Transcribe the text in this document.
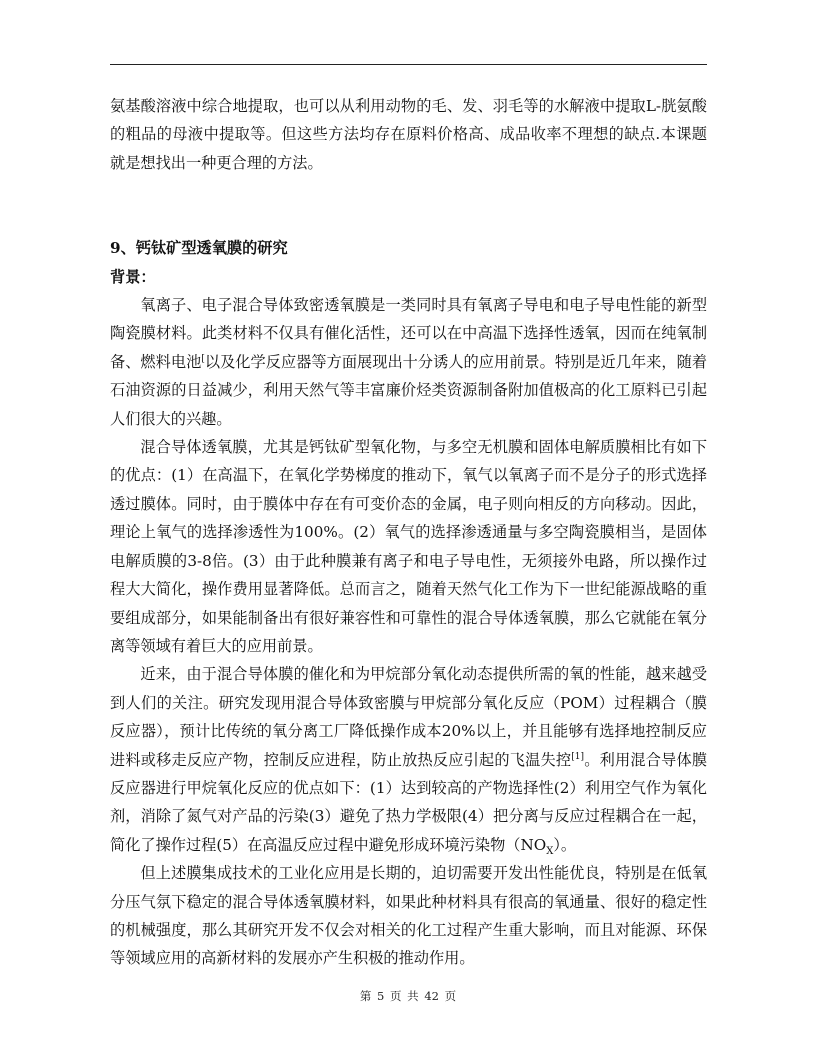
氨基酸溶液中综合地提取，也可以从利用动物的毛、发、羽毛等的水解液中提取L-胱氨酸的粗品的母液中提取等。但这些方法均存在原料价格高、成品收率不理想的缺点.本课题就是想找出一种更合理的方法。

9、钙钛矿型透氧膜的研究

背景：

氧离子、电子混合导体致密透氧膜是一类同时具有氧离子导电和电子导电性能的新型陶瓷膜材料。此类材料不仅具有催化活性，还可以在中高温下选择性透氧，因而在纯氧制备、燃料电池[以及化学反应器等方面展现出十分诱人的应用前景。特别是近几年来，随着石油资源的日益减少，利用天然气等丰富廉价烃类资源制备附加值极高的化工原料已引起人们很大的兴趣。

混合导体透氧膜，尤其是钙钛矿型氧化物，与多空无机膜和固体电解质膜相比有如下的优点：(1）在高温下，在氧化学势梯度的推动下，氧气以氧离子而不是分子的形式选择透过膜体。同时，由于膜体中存在有可变价态的金属，电子则向相反的方向移动。因此，理论上氧气的选择渗透性为100%。(2）氧气的选择渗透通量与多空陶瓷膜相当，是固体电解质膜的3-8倍。(3）由于此种膜兼有离子和电子导电性，无须接外电路，所以操作过程大大简化，操作费用显著降低。总而言之，随着天然气化工作为下一世纪能源战略的重要组成部分，如果能制备出有很好兼容性和可靠性的混合导体透氧膜，那么它就能在氧分离等领域有着巨大的应用前景。

近来，由于混合导体膜的催化和为甲烷部分氧化动态提供所需的氧的性能，越来越受到人们的关注。研究发现用混合导体致密膜与甲烷部分氧化反应（POM）过程耦合（膜反应器），预计比传统的氧分离工厂降低操作成本20%以上，并且能够有选择地控制反应进料或移走反应产物，控制反应进程，防止放热反应引起的飞温失控[1]。利用混合导体膜反应器进行甲烷氧化反应的优点如下：(1）达到较高的产物选择性(2）利用空气作为氧化剂，消除了氮气对产品的污染(3）避免了热力学极限(4）把分离与反应过程耦合在一起，简化了操作过程(5）在高温反应过程中避免形成环境污染物$(NO_X)$。

但上述膜集成技术的工业化应用是长期的，迫切需要开发出性能优良，特别是在低氧分压气氛下稳定的混合导体透氧膜材料，如果此种材料具有很高的氧通量、很好的稳定性的机械强度，那么其研究开发不仅会对相关的化工过程产生重大影响，而且对能源、环保等领域应用的高新材料的发展亦产生积极的推动作用。

第 5 页 共 42 页
